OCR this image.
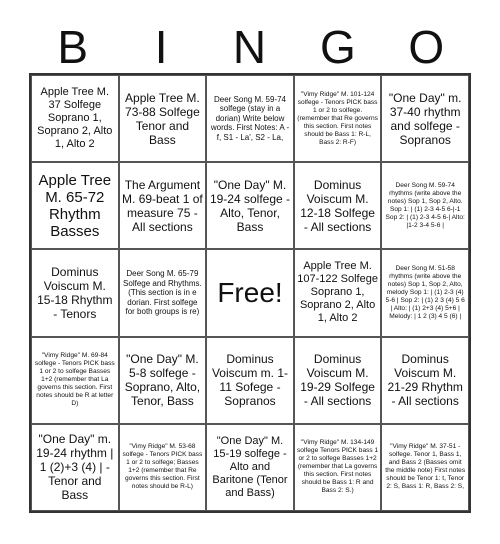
B	I	N	G	O
Apple Tree M. 37 Solfege Soprano 1, Soprano 2, Alto 1, Alto 2
Apple Tree M. 73-88 Solfege Tenor and Bass
Deer Song M. 59-74 solfege (stay in a dorian) Write below words. First Notes: A - f, S1 - La', S2 - La,
"Vimy Ridge" M. 101-124 solfege - Tenors PICK bass 1 or 2 to solfege. (remember that Re governs this section. First notes should be Bass 1: R-L, Bass 2: R-F)
"One Day" m. 37-40 rhythm and solfege - Sopranos
Apple Tree M. 65-72 Rhythm Basses
The Argument M. 69-beat 1 of measure 75 - All sections
"One Day" M. 19-24 solfege - Alto, Tenor, Bass
Dominus Voiscum M. 12-18 Solfege - All sections
Deer Song M. 59-74 rhythms (write above the notes) Sop 1, Sop 2, Alto. Sop 1: | (1) 2-3 4-5 6-|-1 Sop 2: | (1) 2-3 4-5 6-| Alto: |1-2 3-4 5-6 |
Dominus Voiscum M. 15-18 Rhythm - Tenors
Deer Song M. 65-79 Solfege and Rhythms. (This section is in e dorian. First solfege for both groups is re)
Free!
Apple Tree M. 107-122 Solfege Soprano 1, Soprano 2, Alto 1, Alto 2
Deer Song M. 51-58 rhythms (write above the notes) Sop 1, Sop 2, Alto, melody Sop 1: | (1) 2-3 (4) 5-6 | Sop 2: | (1) 2 3 (4) 5 6 | Alto: | (1) 2+3 (4) 5+6 | Melody: | 1 2 (3) 4 5 (6) |
"Vimy Ridge" M. 69-84 solfege - Tenors PICK bass 1 or 2 to solfege Basses 1+2 (remember that La governs this section. First notes should be R at letter D)
"One Day" M. 5-8 solfege - Soprano, Alto, Tenor, Bass
Dominus Voiscum m. 1-11 Sofege - Sopranos
Dominus Voiscum M. 19-29 Solfege - All sections
Dominus Voiscum M. 21-29 Rhythm - All sections
"One Day" m. 19-24 rhythm | 1 (2)+3 (4) | - Tenor and Bass
"Vimy Ridge" M. 53-68 solfege - Tenors PICK bass 1 or 2 to solfege; Basses 1+2 (remember that Re governs this section. First notes should be R-L)
"One Day" M. 15-19 solfege - Alto and Baritone (Tenor and Bass)
"Vimy Ridge" M. 134-149 solfege Tenors PICK bass 1 or 2 to solfege Basses 1+2 (remember that La governs this section. First notes should be Bass 1: R and Bass 2: S.)
"Vimy Ridge" M. 37-51 - solfege. Tenor 1, Bass 1, and Bass 2 (Basses omit the middle note) First notes should be Tenor 1: t, Tenor 2: S, Bass 1: R, Bass 2: S,
